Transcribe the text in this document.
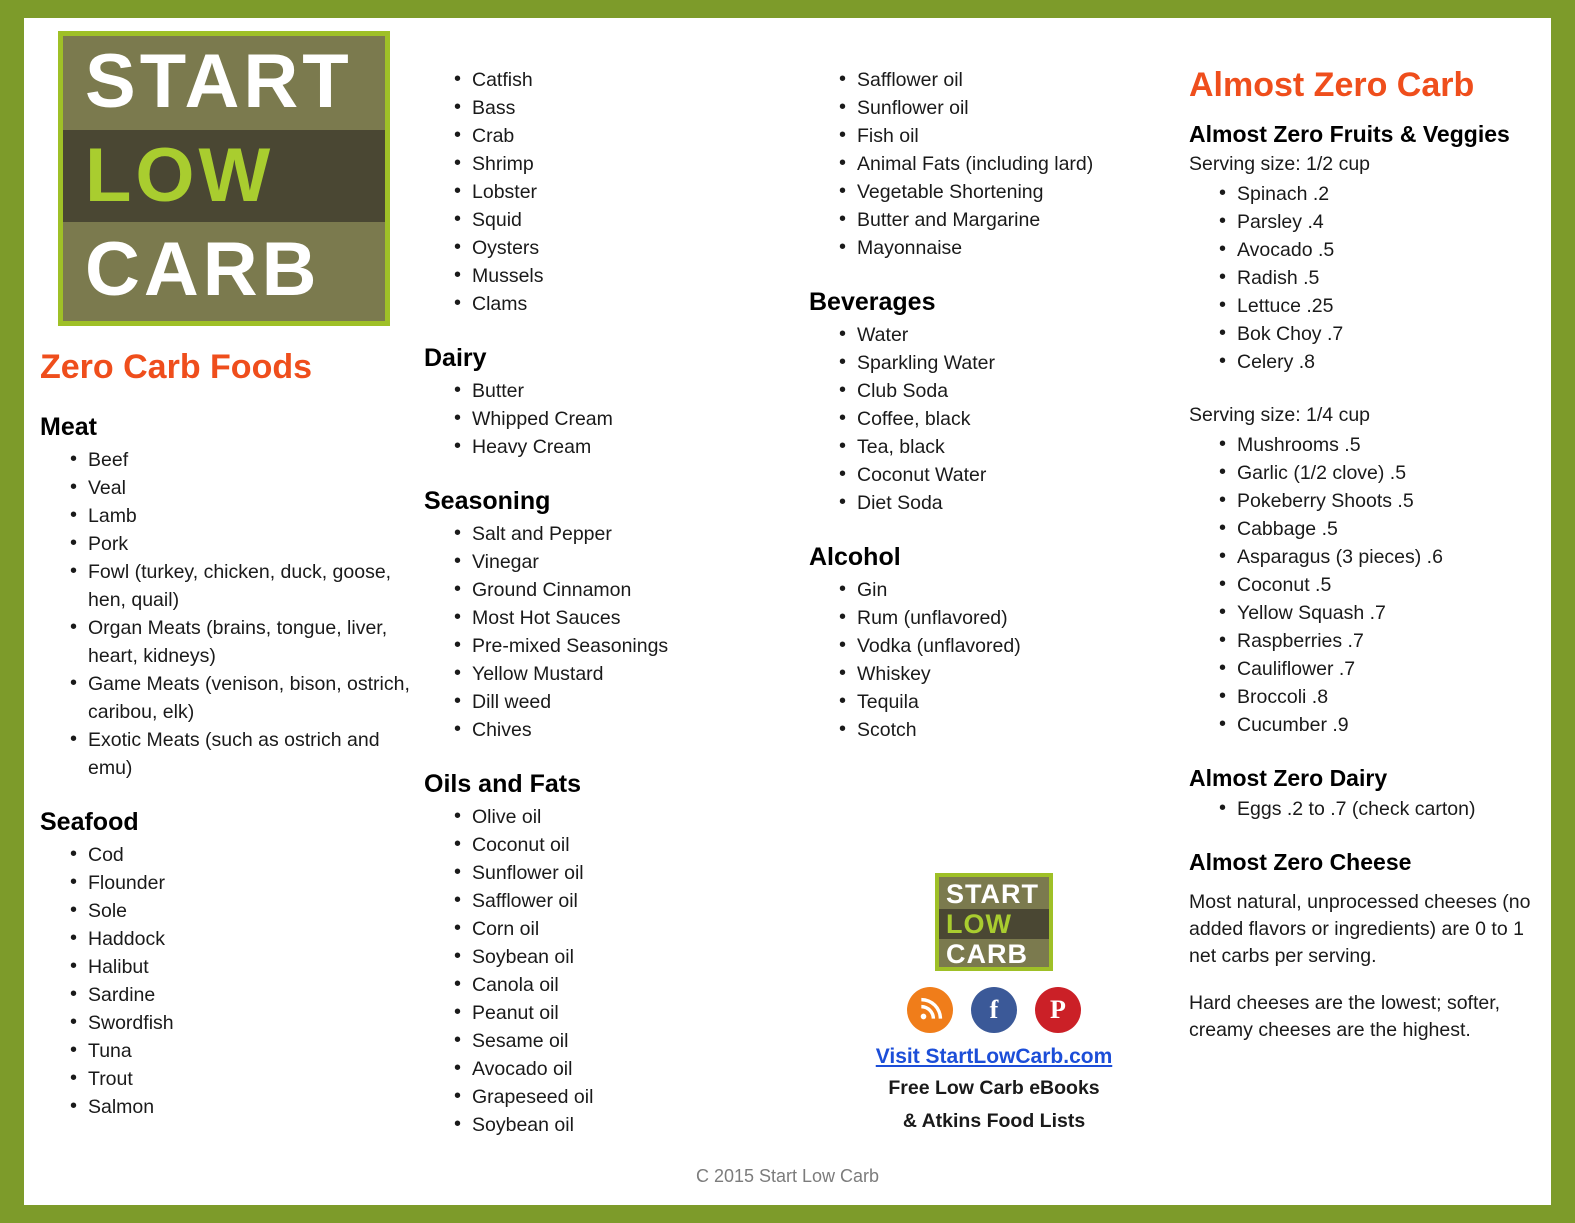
START
LOW
CARB
Zero Carb Foods
Meat
• Beef
• Veal
• Lamb
• Pork
• Fowl (turkey, chicken, duck, goose, hen, quail)
• Organ Meats (brains, tongue, liver, heart, kidneys)
• Game Meats (venison, bison, ostrich, caribou, elk)
• Exotic Meats (such as ostrich and emu)
Seafood
• Cod
• Flounder
• Sole
• Haddock
• Halibut
• Sardine
• Swordfish
• Tuna
• Trout
• Salmon
• Catfish
• Bass
• Crab
• Shrimp
• Lobster
• Squid
• Oysters
• Mussels
• Clams
Dairy
• Butter
• Whipped Cream
• Heavy Cream
Seasoning
• Salt and Pepper
• Vinegar
• Ground Cinnamon
• Most Hot Sauces
• Pre-mixed Seasonings
• Yellow Mustard
• Dill weed
• Chives
Oils and Fats
• Olive oil
• Coconut oil
• Sunflower oil
• Safflower oil
• Corn oil
• Soybean oil
• Canola oil
• Peanut oil
• Sesame oil
• Avocado oil
• Grapeseed oil
• Soybean oil
• Safflower oil
• Sunflower oil
• Fish oil
• Animal Fats (including lard)
• Vegetable Shortening
• Butter and Margarine
• Mayonnaise
Beverages
• Water
• Sparkling Water
• Club Soda
• Coffee, black
• Tea, black
• Coconut Water
• Diet Soda
Alcohol
• Gin
• Rum (unflavored)
• Vodka (unflavored)
• Whiskey
• Tequila
• Scotch
START
LOW
CARB
f	P
Visit StartLowCarb.com
Free Low Carb eBooks
& Atkins Food Lists
Almost Zero Carb
Almost Zero Fruits & Veggies
Serving size: 1/2 cup
• Spinach .2
• Parsley .4
• Avocado .5
• Radish .5
• Lettuce .25
• Bok Choy .7
• Celery .8
Serving size: 1/4 cup
• Mushrooms .5
• Garlic (1/2 clove) .5
• Pokeberry Shoots .5
• Cabbage .5
• Asparagus (3 pieces) .6
• Coconut .5
• Yellow Squash .7
• Raspberries .7
• Cauliflower .7
• Broccoli .8
• Cucumber .9
Almost Zero Dairy
• Eggs .2 to .7 (check carton)
Almost Zero Cheese
Most natural, unprocessed cheeses (no added flavors or ingredients) are 0 to 1 net carbs per serving.
Hard cheeses are the lowest; softer, creamy cheeses are the highest.
C 2015 Start Low Carb
